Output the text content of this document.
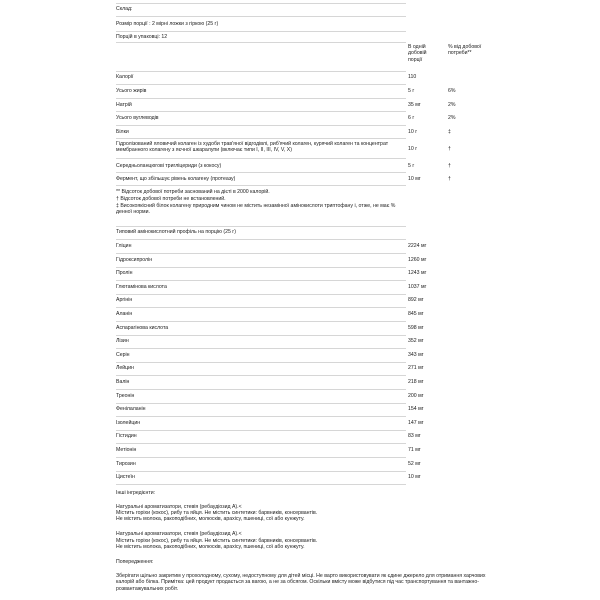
Склад:
Розмір порції : 2 мірні ложки з гіркою (25 г)
Порцій в упаковці: 12
В одній добовій порції
% від добової потреби**
Калорії	110
Усього жирів	5 г	6%
Натрій	35 мг	2%
Усього вуглеводів	6 г	2%
Білки	10 г	‡
Гідролізований яловичий колаген із худоби трав'яної відгодівлі, риб'ячий колаген, курячий колаген та концентрат мембранного колагену з яєчної шкаралупи (включає типи I, II, III, IV, V, X)	10 г	†
Середньоланцюгові тригліцериди (з кокосу)	5 г	†
Фермент, що збільшує рівень колагену (протеазу)	10 мг	†
** Відсоток добової потреби заснований на дієті в 2000 калорій.
† Відсоток добової потреби не встановлений.
‡ Високоякісний білок колагену природним чином не містить незамінної амінокислоти триптофану і, отже, не має % денної норми.
Типовий амінокислотний профіль на порцію (25 г)
Гліцин	2224 мг
Гідроксипролін	1260 мг
Пролін	1243 мг
Глютамінова кислота	1037 мг
Аргінін	892 мг
Аланін	845 мг
Аспарагінова кислота	598 мг
Лізин	352 мг
Серін	343 мг
Лейцин	271 мг
Валін	218 мг
Треонін	200 мг
Фенілаланін	154 мг
Ізолейцин	147 мг
Гістидин	83 мг
Метіонін	71 мг
Тирозин	52 мг
Цистеїн	10 мг
Інші інгредієнти:
Натуральні ароматизатори, стевія (ребаудіозид А).<
Містить горіхи (кокос), рибу та яйця. Не містить синтетики: барвників, консервантів.
Не містить молока, ракоподібних, молюсків, арахісу, пшениці, сої або кунжуту.
Натуральні ароматизатори, стевія (ребаудіозид А).<
Містить горіхи (кокос), рибу та яйця. Не містить синтетики: барвників, консервантів.
Не містить молока, ракоподібних, молюсків, арахісу, пшениці, сої або кунжуту.
Попередження:
Зберігати щільно закритим у прохолодному, сухому, недоступному для дітей місці. Не варто використовувати як єдине джерело для отримання харчових калорій або білка. Примітка: цей продукт продається за вагою, а не за обсягом. Оскільки вмісту може відбутися під час транспортування та вантажно-розвантажувальних робіт.
